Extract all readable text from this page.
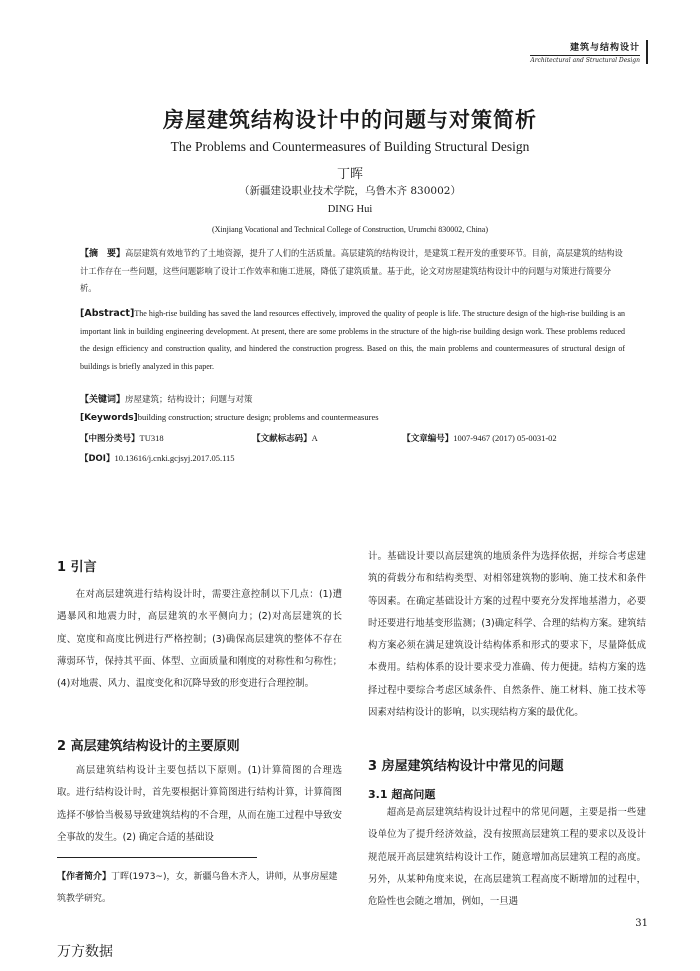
建筑与结构设计
Architectural and Structural Design
房屋建筑结构设计中的问题与对策简析
The Problems and Countermeasures of Building Structural Design
丁晖
（新疆建设职业技术学院，乌鲁木齐 830002）
DING Hui
(Xinjiang Vocational and Technical College of Construction, Urumchi 830002, China)
【摘　要】高层建筑有效地节约了土地资源，提升了人们的生活质量。高层建筑的结构设计，是建筑工程开发的重要环节。目前，高层建筑的结构设计工作存在一些问题，这些问题影响了设计工作效率和施工进展，降低了建筑质量。基于此，论文对房屋建筑结构设计中的问题与对策进行简要分析。
[Abstract]The high-rise building has saved the land resources effectively, improved the quality of people is life. The structure design of the high-rise building is an important link in building engineering development. At present, there are some problems in the structure of the high-rise building design work. These problems reduced the design efficiency and construction quality, and hindered the construction progress. Based on this, the main problems and countermeasures of structural design of buildings is briefly analyzed in this paper.
【关键词】房屋建筑；结构设计；问题与对策
[Keywords]building construction; structure design; problems and countermeasures
【中图分类号】TU318	【文献标志码】A	【文章编号】1007-9467 (2017) 05-0031-02
【DOI】10.13616/j.cnki.gcjsyj.2017.05.115
1 引言

在对高层建筑进行结构设计时，需要注意控制以下几点：(1)遭遇暴风和地震力时，高层建筑的水平侧向力；(2)对高层建筑的长度、宽度和高度比例进行严格控制；(3)确保高层建筑的整体不存在薄弱环节，保持其平面、体型、立面质量和刚度的对称性和匀称性；(4)对地震、风力、温度变化和沉降导致的形变进行合理控制。

2 高层建筑结构设计的主要原则

高层建筑结构设计主要包括以下原则。(1)计算简图的合理选取。进行结构设计时，首先要根据计算简图进行结构计算，计算简图选择不够恰当极易导致建筑结构的不合理，从而在施工过程中导致安全事故的发生。(2) 确定合适的基础设

【作者简介】丁晖(1973~)，女，新疆乌鲁木齐人，讲师，从事房屋建筑教学研究。

计。基础设计要以高层建筑的地质条件为选择依据，并综合考虑建筑的荷载分布和结构类型、对相邻建筑物的影响、施工技术和条件等因素。在确定基础设计方案的过程中要充分发挥地基潜力，必要时还要进行地基变形监测；(3)确定科学、合理的结构方案。建筑结构方案必须在满足建筑设计结构体系和形式的要求下，尽量降低成本费用。结构体系的设计要求受力准确、传力便捷。结构方案的选择过程中要综合考虑区域条件、自然条件、施工材料、施工技术等因素对结构设计的影响，以实现结构方案的最优化。

3 房屋建筑结构设计中常见的问题
3.1 超高问题

超高是高层建筑结构设计过程中的常见问题，主要是指一些建设单位为了提升经济效益，没有按照高层建筑工程的要求以及设计规范展开高层建筑结构设计工作，随意增加高层建筑工程的高度。另外，从某种角度来说，在高层建筑工程高度不断增加的过程中，危险性也会随之增加，例如，一旦遇

31
万方数据
